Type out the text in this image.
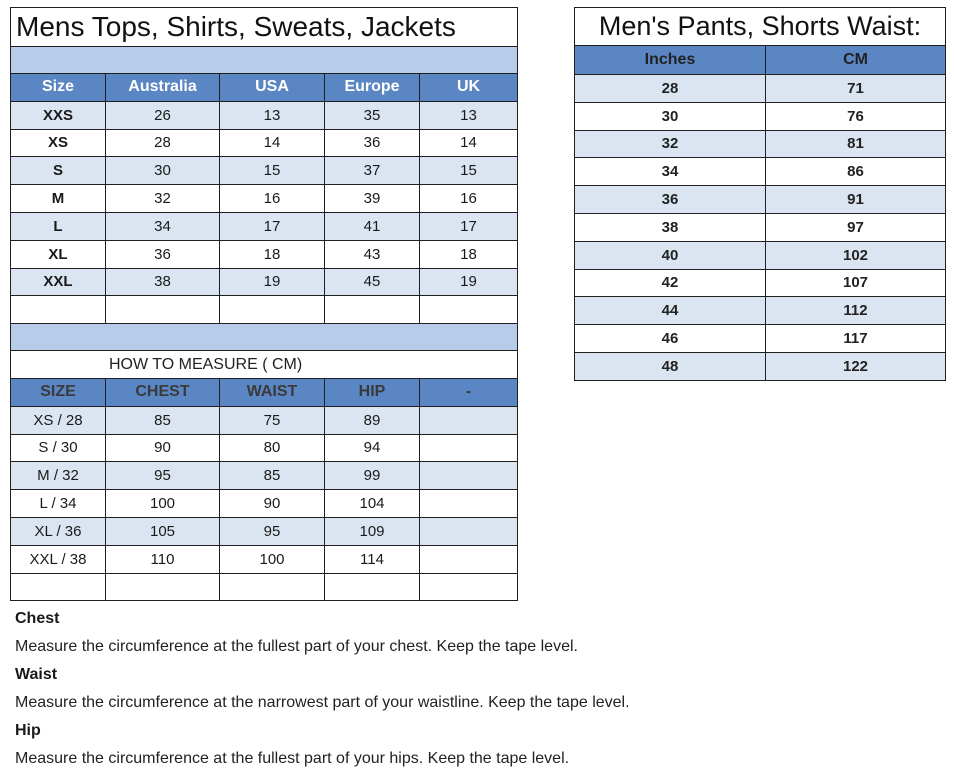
Mens Tops, Shirts, Sweats, Jackets				

Size	Australia	USA	Europe	UK
XXS	26	13	35	13
XS	28	14	36	14
S	30	15	37	15
M	32	16	39	16
L	34	17	41	17
XL	36	18	43	18
XXL	38	19	45	19

HOW TO MEASURE ( CM)				
SIZE	CHEST	WAIST	HIP	-
XS / 28	85	75	89	
S / 30	90	80	94	
M / 32	95	85	99	
L / 34	100	90	104	
XL / 36	105	95	109	
XXL / 38	110	100	114	

Men's Pants, Shorts Waist:	
Inches	CM
28	71
30	76
32	81
34	86
36	91
38	97
40	102
42	107
44	112
46	117
48	122

Chest

Measure the circumference at the fullest part of your chest. Keep the tape level.

Waist

Measure the circumference at the narrowest part of your waistline. Keep the tape level.

Hip

Measure the circumference at the fullest part of your hips. Keep the tape level.
